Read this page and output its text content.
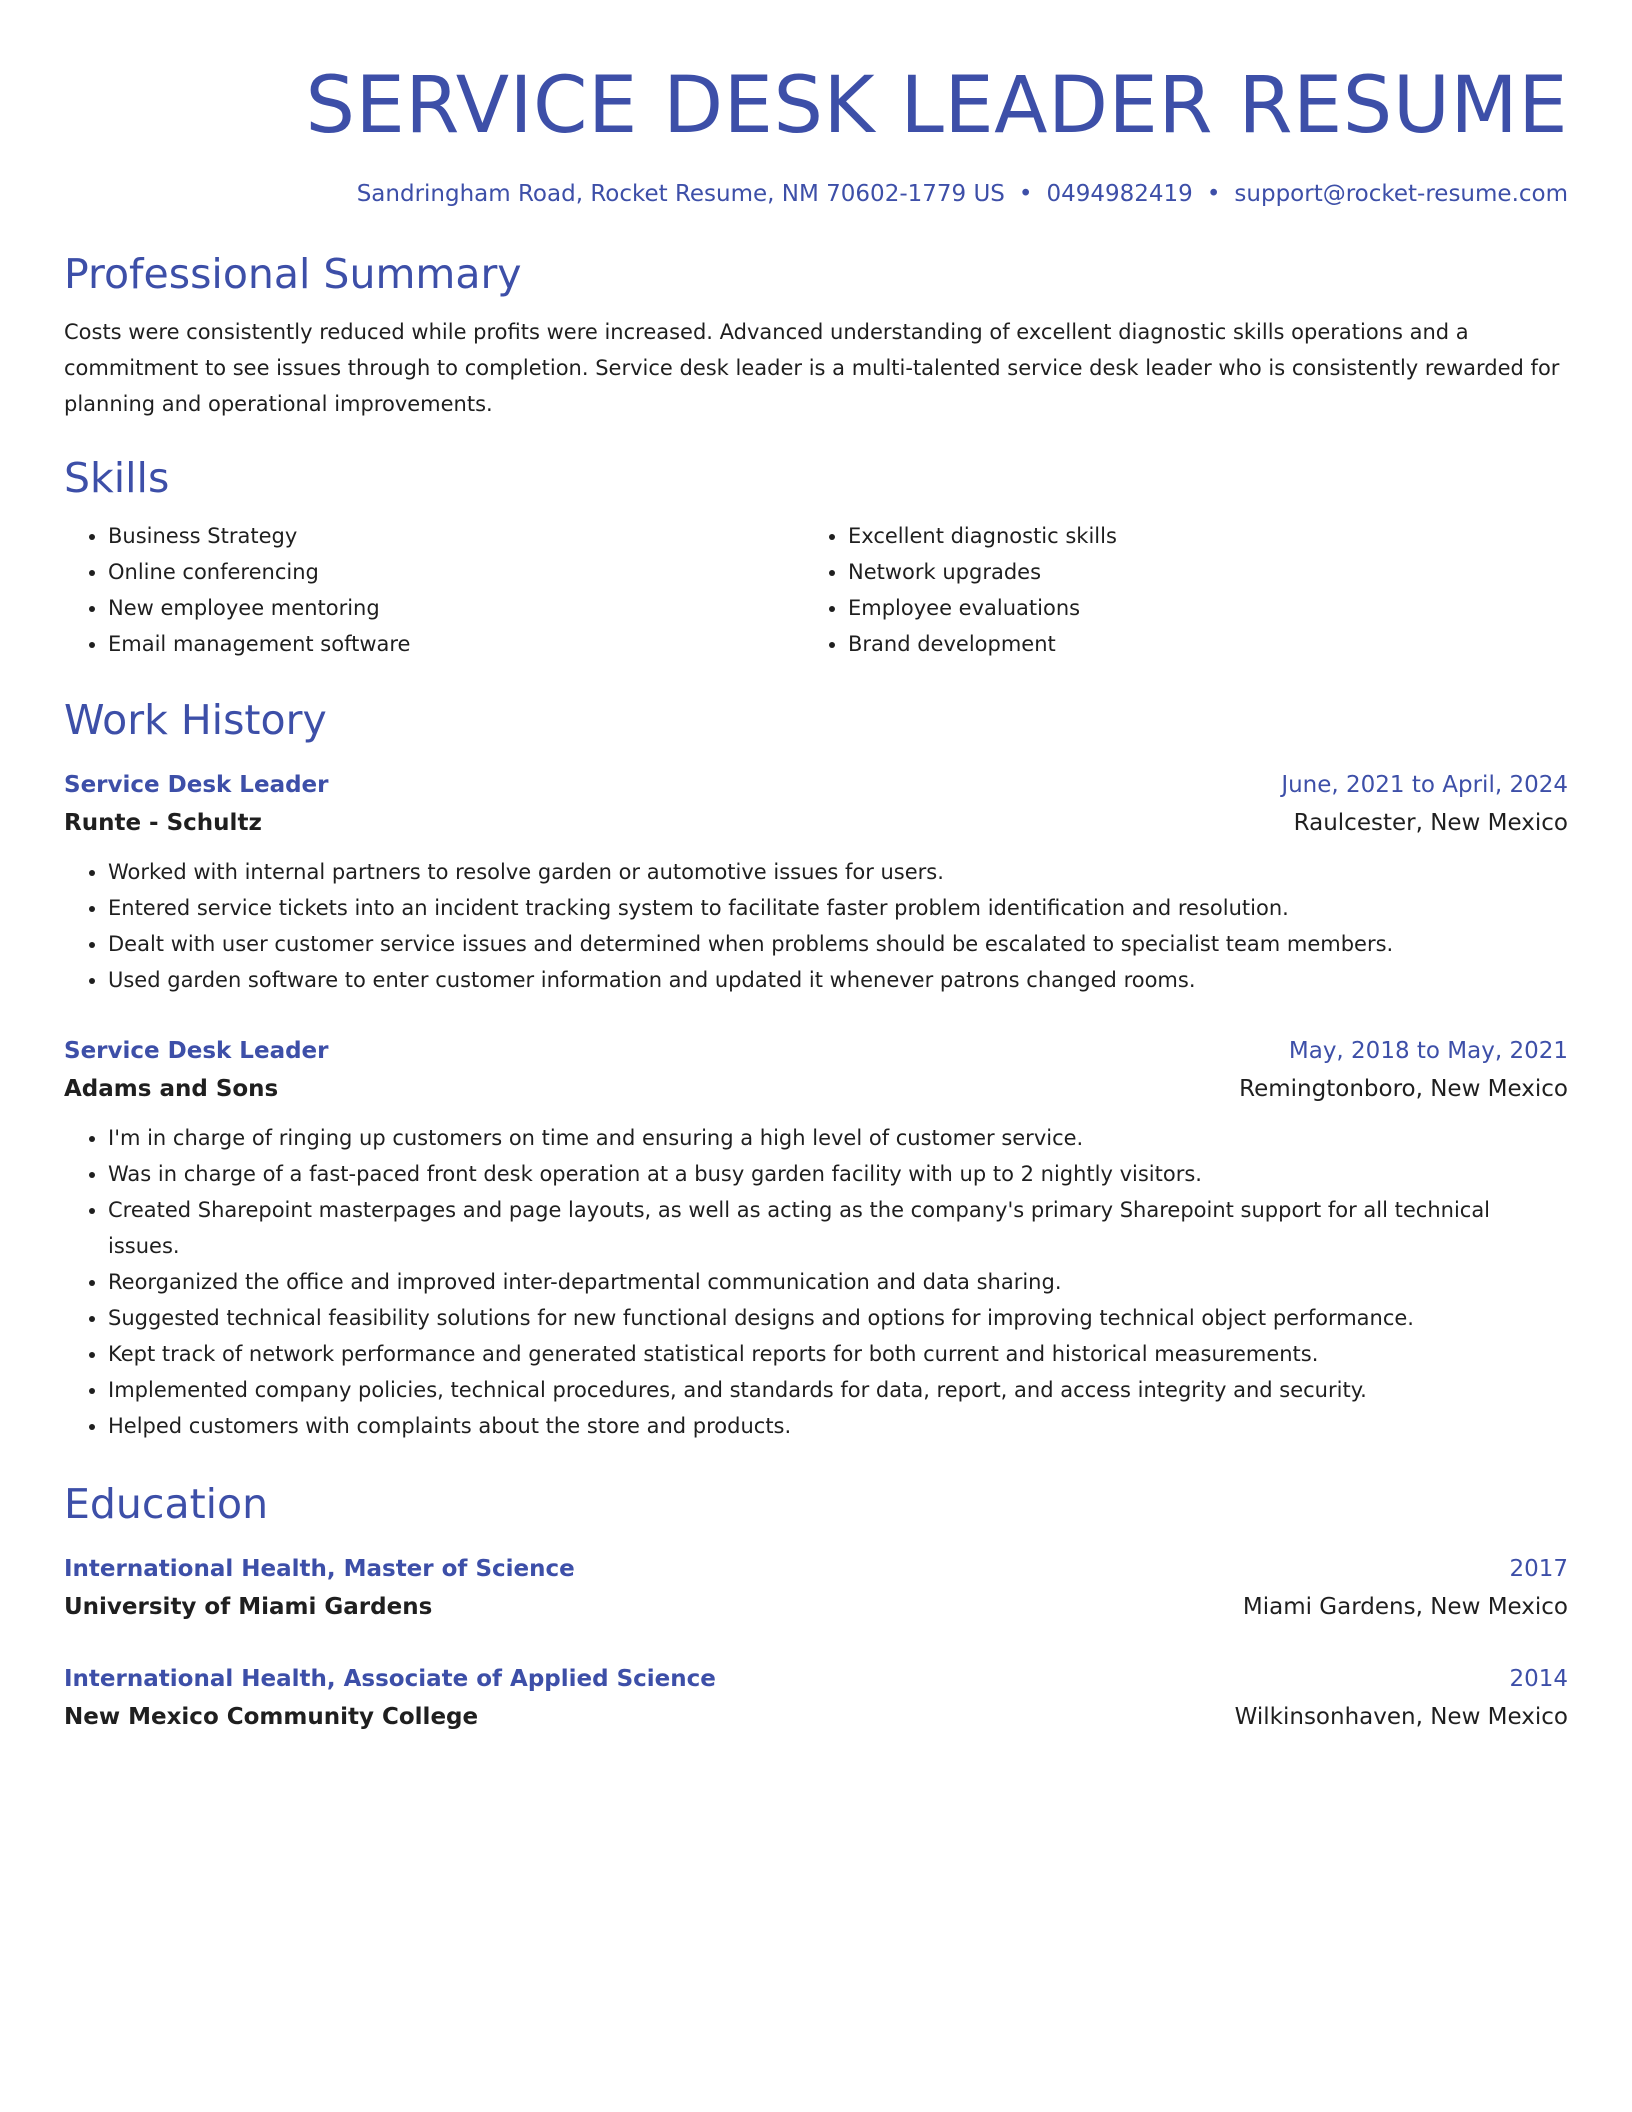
SERVICE DESK LEADER RESUME
Sandringham Road, Rocket Resume, NM 70602-1779 US • 0494982419 • support@rocket-resume.com
Professional Summary

Costs were consistently reduced while profits were increased. Advanced understanding of excellent diagnostic skills operations and a commitment to see issues through to completion. Service desk leader is a multi-talented service desk leader who is consistently rewarded for planning and operational improvements.

Skills
• Business Strategy
• Online conferencing
• New employee mentoring
• Email management software
• Excellent diagnostic skills
• Network upgrades
• Employee evaluations
• Brand development
Work History
Service Desk Leader	June, 2021 to April, 2024
Runte - Schultz	Raulcester, New Mexico
• Worked with internal partners to resolve garden or automotive issues for users.
• Entered service tickets into an incident tracking system to facilitate faster problem identification and resolution.
• Dealt with user customer service issues and determined when problems should be escalated to specialist team members.
• Used garden software to enter customer information and updated it whenever patrons changed rooms.
Service Desk Leader	May, 2018 to May, 2021
Adams and Sons	Remingtonboro, New Mexico
• I'm in charge of ringing up customers on time and ensuring a high level of customer service.
• Was in charge of a fast-paced front desk operation at a busy garden facility with up to 2 nightly visitors.
• Created Sharepoint masterpages and page layouts, as well as acting as the company's primary Sharepoint support for all technical issues.
• Reorganized the office and improved inter-departmental communication and data sharing.
• Suggested technical feasibility solutions for new functional designs and options for improving technical object performance.
• Kept track of network performance and generated statistical reports for both current and historical measurements.
• Implemented company policies, technical procedures, and standards for data, report, and access integrity and security.
• Helped customers with complaints about the store and products.
Education
International Health, Master of Science	2017
University of Miami Gardens	Miami Gardens, New Mexico
International Health, Associate of Applied Science	2014
New Mexico Community College	Wilkinsonhaven, New Mexico
